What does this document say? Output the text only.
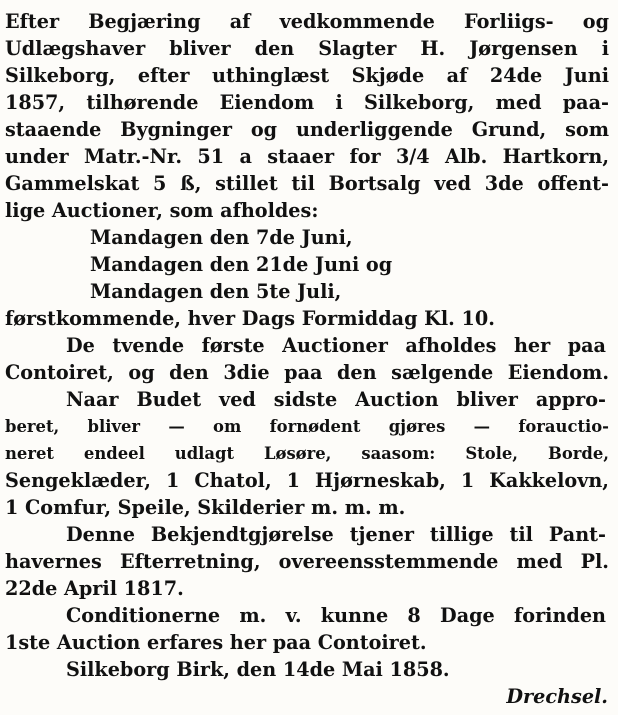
Efter Begjæring af vedkommende Forliigs- og
Udlægshaver bliver den Slagter H. Jørgensen i
Silkeborg, efter uthinglæst Skjøde af 24de Juni
1857, tilhørende Eiendom i Silkeborg, med paa-
staaende Bygninger og underliggende Grund, som
under Matr.-Nr. 51 a staaer for 3/4 Alb. Hartkorn,
Gammelskat 5 ß, stillet til Bortsalg ved 3de offent-
lige Auctioner, som afholdes:
Mandagen den 7de Juni,
Mandagen den 21de Juni og
Mandagen den 5te Juli,
førstkommende, hver Dags Formiddag Kl. 10.
De tvende første Auctioner afholdes her paa
Contoiret, og den 3die paa den sælgende Eiendom.
Naar Budet ved sidste Auction bliver appro-
beret, bliver — om fornødent gjøres — forauctio-
neret endeel udlagt Løsøre, saasom: Stole, Borde,
Sengeklæder, 1 Chatol, 1 Hjørneskab, 1 Kakkelovn,
1 Comfur, Speile, Skilderier m. m. m.
Denne Bekjendtgjørelse tjener tillige til Pant-
havernes Efterretning, overeensstemmende med Pl.
22de April 1817.
Conditionerne m. v. kunne 8 Dage forinden
1ste Auction erfares her paa Contoiret.
Silkeborg Birk, den 14de Mai 1858.
Drechsel.
